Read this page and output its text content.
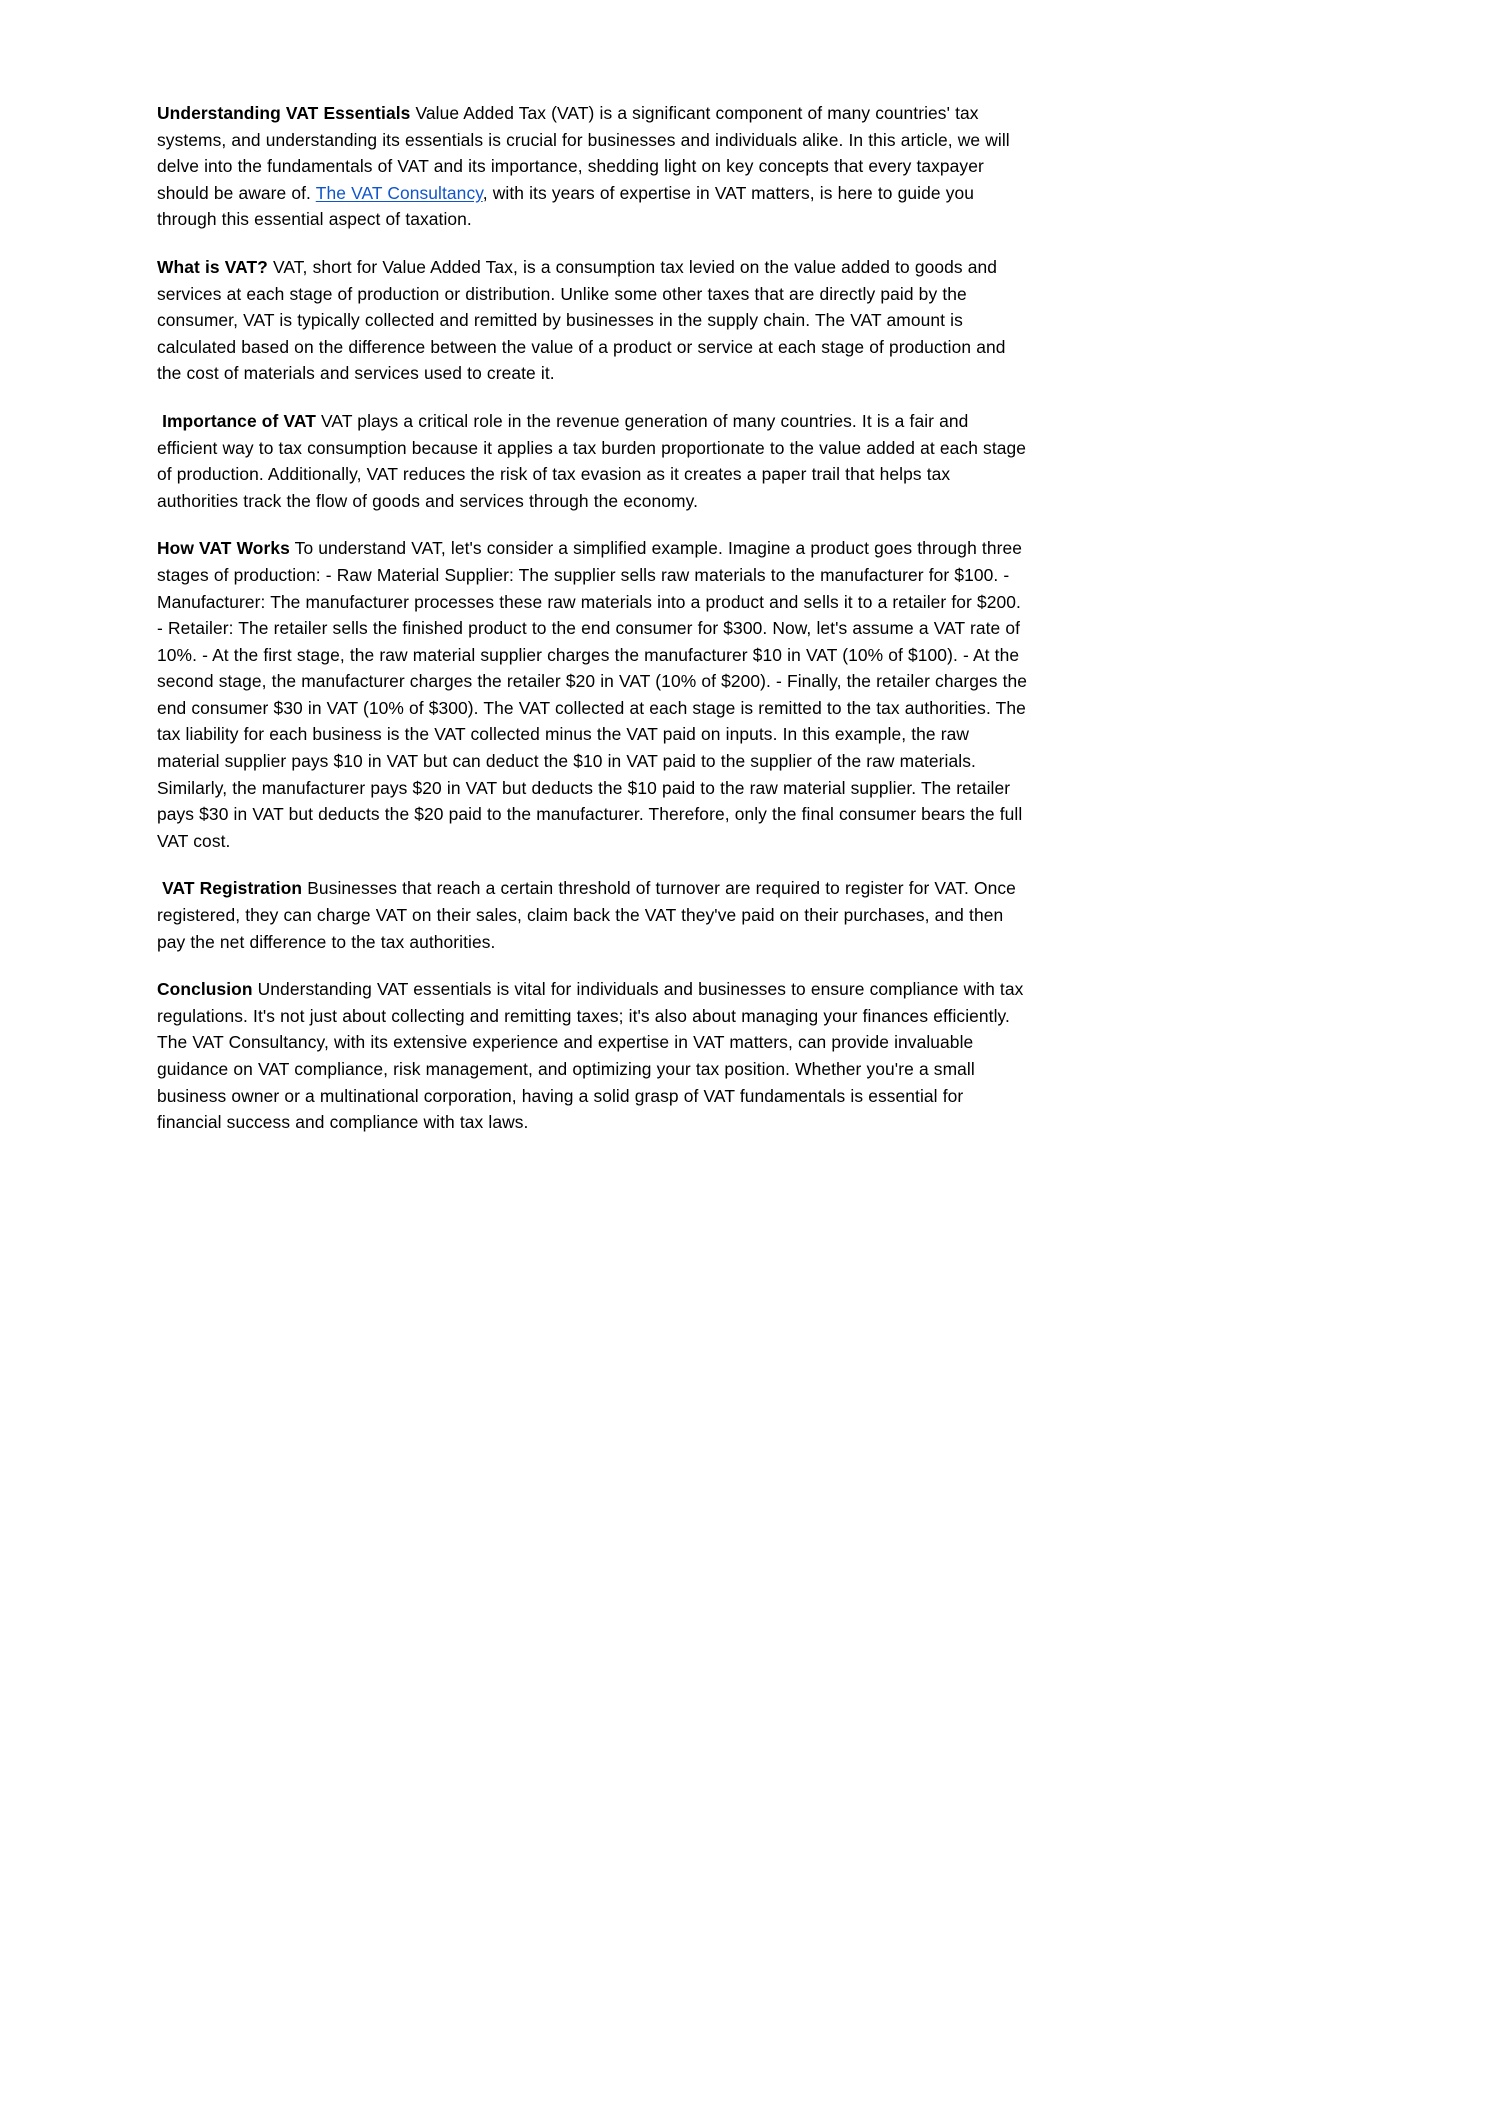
Understanding VAT Essentials Value Added Tax (VAT) is a significant component of many countries' tax systems, and understanding its essentials is crucial for businesses and individuals alike. In this article, we will delve into the fundamentals of VAT and its importance, shedding light on key concepts that every taxpayer should be aware of. The VAT Consultancy, with its years of expertise in VAT matters, is here to guide you through this essential aspect of taxation.

What is VAT? VAT, short for Value Added Tax, is a consumption tax levied on the value added to goods and services at each stage of production or distribution. Unlike some other taxes that are directly paid by the consumer, VAT is typically collected and remitted by businesses in the supply chain. The VAT amount is calculated based on the difference between the value of a product or service at each stage of production and the cost of materials and services used to create it.

Importance of VAT VAT plays a critical role in the revenue generation of many countries. It is a fair and efficient way to tax consumption because it applies a tax burden proportionate to the value added at each stage of production. Additionally, VAT reduces the risk of tax evasion as it creates a paper trail that helps tax authorities track the flow of goods and services through the economy.

How VAT Works To understand VAT, let's consider a simplified example. Imagine a product goes through three stages of production: - Raw Material Supplier: The supplier sells raw materials to the manufacturer for $100. - Manufacturer: The manufacturer processes these raw materials into a product and sells it to a retailer for $200. - Retailer: The retailer sells the finished product to the end consumer for $300. Now, let's assume a VAT rate of 10%. - At the first stage, the raw material supplier charges the manufacturer $10 in VAT (10% of $100). - At the second stage, the manufacturer charges the retailer $20 in VAT (10% of $200). - Finally, the retailer charges the end consumer $30 in VAT (10% of $300). The VAT collected at each stage is remitted to the tax authorities. The tax liability for each business is the VAT collected minus the VAT paid on inputs. In this example, the raw material supplier pays $10 in VAT but can deduct the $10 in VAT paid to the supplier of the raw materials. Similarly, the manufacturer pays $20 in VAT but deducts the $10 paid to the raw material supplier. The retailer pays $30 in VAT but deducts the $20 paid to the manufacturer. Therefore, only the final consumer bears the full VAT cost.

VAT Registration Businesses that reach a certain threshold of turnover are required to register for VAT. Once registered, they can charge VAT on their sales, claim back the VAT they've paid on their purchases, and then pay the net difference to the tax authorities.

Conclusion Understanding VAT essentials is vital for individuals and businesses to ensure compliance with tax regulations. It's not just about collecting and remitting taxes; it's also about managing your finances efficiently. The VAT Consultancy, with its extensive experience and expertise in VAT matters, can provide invaluable guidance on VAT compliance, risk management, and optimizing your tax position. Whether you're a small business owner or a multinational corporation, having a solid grasp of VAT fundamentals is essential for financial success and compliance with tax laws.
